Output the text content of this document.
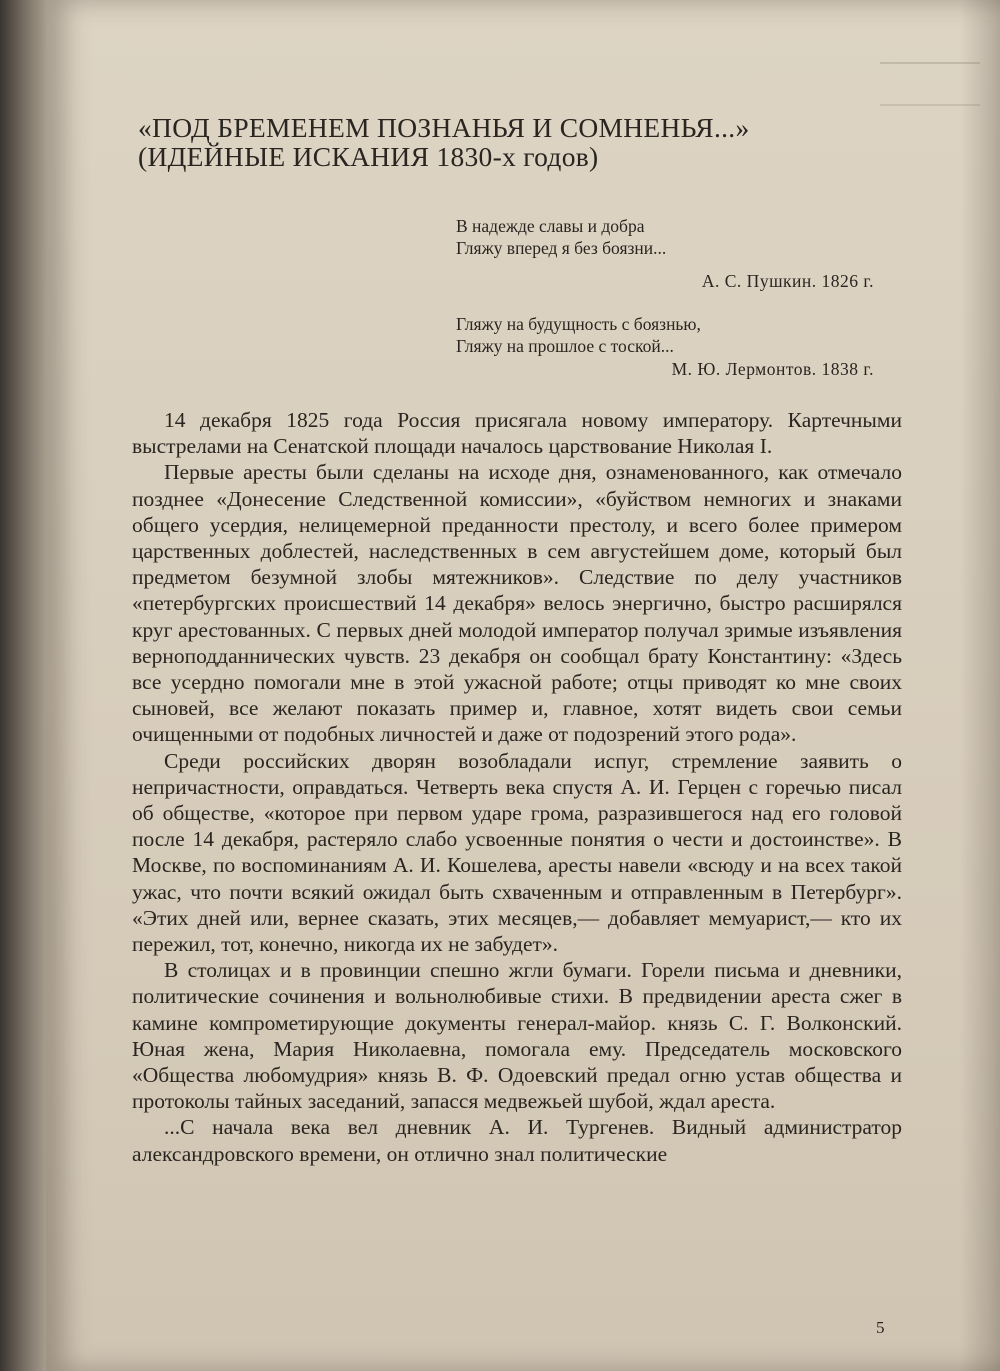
«ПОД БРЕМЕНЕМ ПОЗНАНЬЯ И СОМНЕНЬЯ...»
(ИДЕЙНЫЕ ИСКАНИЯ 1830-х годов)
В надежде славы и добра
Гляжу вперед я без боязни...
А. С. Пушкин. 1826 г.
Гляжу на будущность с боязнью,
Гляжу на прошлое с тоской...
М. Ю. Лермонтов. 1838 г.

14 декабря 1825 года Россия присягала новому императору. Картечными выстрелами на Сенатской площади началось царствование Николая I.

Первые аресты были сделаны на исходе дня, ознаменованного, как отмечало позднее «Донесение Следственной комиссии», «буйством немногих и знаками общего усердия, нелицемерной преданности престолу, и всего более примером царственных доблестей, наследственных в сем августейшем доме, который был предметом безумной злобы мятежников». Следствие по делу участников «петербургских происшествий 14 декабря» велось энергично, быстро расширялся круг арестованных. С первых дней молодой император получал зримые изъявления верноподданнических чувств. 23 декабря он сообщал брату Константину: «Здесь все усердно помогали мне в этой ужасной работе; отцы приводят ко мне своих сыновей, все желают показать пример и, главное, хотят видеть свои семьи очищенными от подобных личностей и даже от подозрений этого рода».

Среди российских дворян возобладали испуг, стремление заявить о непричастности, оправдаться. Четверть века спустя А. И. Герцен с горечью писал об обществе, «которое при первом ударе грома, разразившегося над его головой после 14 декабря, растеряло слабо усвоенные понятия о чести и достоинстве». В Москве, по воспоминаниям А. И. Кошелева, аресты навели «всюду и на всех такой ужас, что почти всякий ожидал быть схваченным и отправленным в Петербург». «Этих дней или, вернее сказать, этих месяцев,— добавляет мемуарист,— кто их пережил, тот, конечно, никогда их не забудет».

В столицах и в провинции спешно жгли бумаги. Горели письма и дневники, политические сочинения и вольнолюбивые стихи. В предвидении ареста сжег в камине компрометирующие документы генерал-майор. князь С. Г. Волконский. Юная жена, Мария Николаевна, помогала ему. Председатель московского «Общества любомудрия» князь В. Ф. Одоевский предал огню устав общества и протоколы тайных заседаний, запасся медвежьей шубой, ждал ареста.

...С начала века вел дневник А. И. Тургенев. Видный администратор александровского времени, он отлично знал политические

5
